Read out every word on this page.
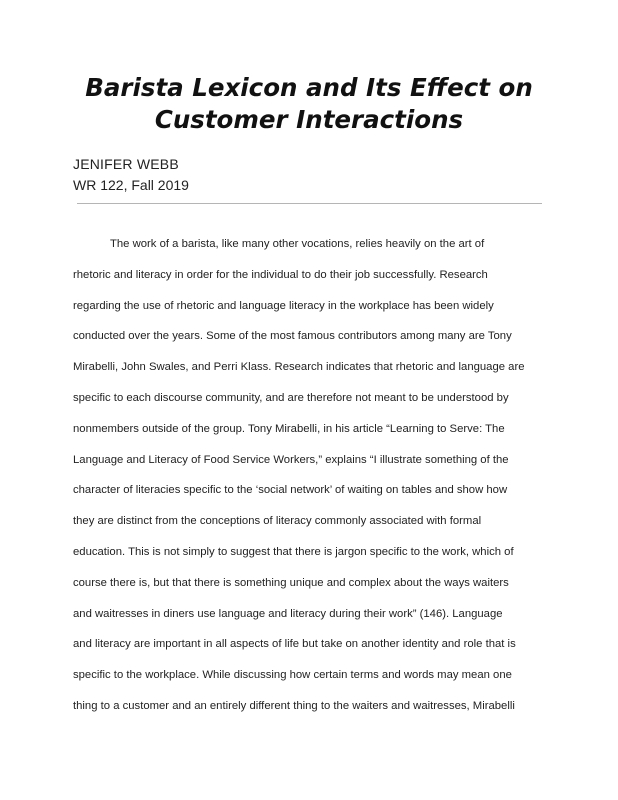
Barista Lexicon and Its Effect on
Customer Interactions

JENIFER WEBB

WR 122, Fall 2019

The work of a barista, like many other vocations, relies heavily on the art of
rhetoric and literacy in order for the individual to do their job successfully. Research
regarding the use of rhetoric and language literacy in the workplace has been widely
conducted over the years. Some of the most famous contributors among many are Tony
Mirabelli, John Swales, and Perri Klass. Research indicates that rhetoric and language are
specific to each discourse community, and are therefore not meant to be understood by
nonmembers outside of the group. Tony Mirabelli, in his article “Learning to Serve: The
Language and Literacy of Food Service Workers,” explains “I illustrate something of the
character of literacies specific to the ‘social network’ of waiting on tables and show how
they are distinct from the conceptions of literacy commonly associated with formal
education. This is not simply to suggest that there is jargon specific to the work, which of
course there is, but that there is something unique and complex about the ways waiters
and waitresses in diners use language and literacy during their work” (146). Language
and literacy are important in all aspects of life but take on another identity and role that is
specific to the workplace. While discussing how certain terms and words may mean one
thing to a customer and an entirely different thing to the waiters and waitresses, Mirabelli
